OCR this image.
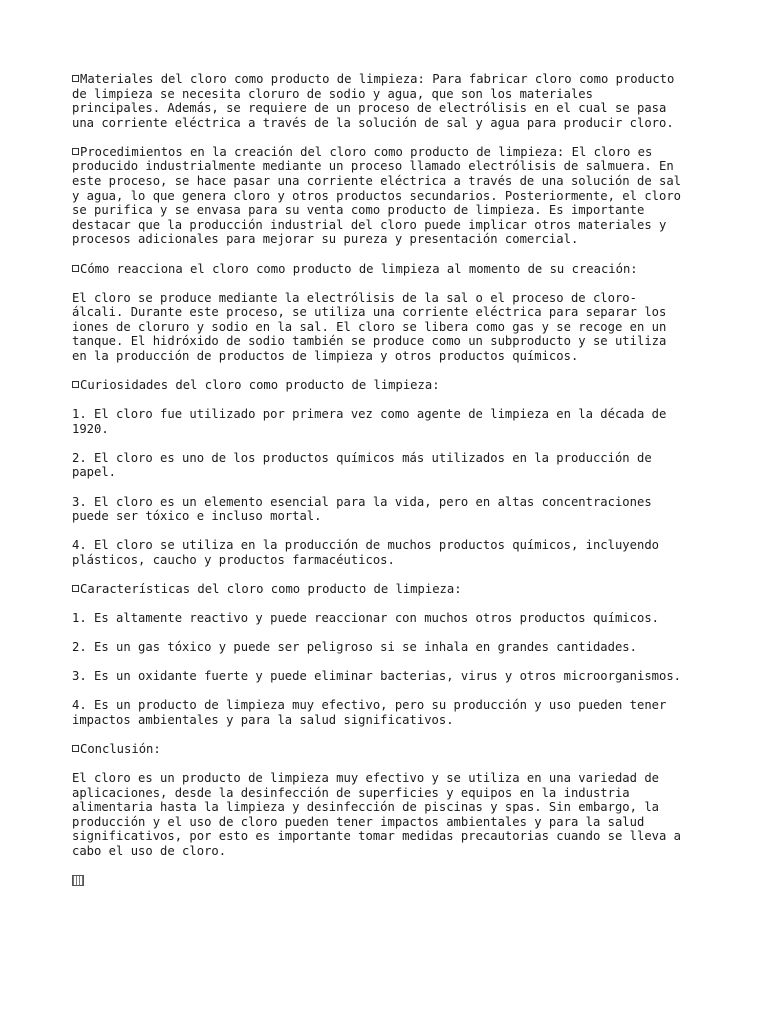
Materiales del cloro como producto de limpieza: Para fabricar cloro como producto
de limpieza se necesita cloruro de sodio y agua, que son los materiales
principales. Además, se requiere de un proceso de electrólisis en el cual se pasa
una corriente eléctrica a través de la solución de sal y agua para producir cloro.

Procedimientos en la creación del cloro como producto de limpieza: El cloro es
producido industrialmente mediante un proceso llamado electrólisis de salmuera. En
este proceso, se hace pasar una corriente eléctrica a través de una solución de sal
y agua, lo que genera cloro y otros productos secundarios. Posteriormente, el cloro
se purifica y se envasa para su venta como producto de limpieza. Es importante
destacar que la producción industrial del cloro puede implicar otros materiales y
procesos adicionales para mejorar su pureza y presentación comercial.

Cómo reacciona el cloro como producto de limpieza al momento de su creación:

El cloro se produce mediante la electrólisis de la sal o el proceso de cloro-
álcali. Durante este proceso, se utiliza una corriente eléctrica para separar los
iones de cloruro y sodio en la sal. El cloro se libera como gas y se recoge en un
tanque. El hidróxido de sodio también se produce como un subproducto y se utiliza
en la producción de productos de limpieza y otros productos químicos.

Curiosidades del cloro como producto de limpieza:

1. El cloro fue utilizado por primera vez como agente de limpieza en la década de
1920.

2. El cloro es uno de los productos químicos más utilizados en la producción de
papel.

3. El cloro es un elemento esencial para la vida, pero en altas concentraciones
puede ser tóxico e incluso mortal.

4. El cloro se utiliza en la producción de muchos productos químicos, incluyendo
plásticos, caucho y productos farmacéuticos.

Características del cloro como producto de limpieza:

1. Es altamente reactivo y puede reaccionar con muchos otros productos químicos.

2. Es un gas tóxico y puede ser peligroso si se inhala en grandes cantidades.

3. Es un oxidante fuerte y puede eliminar bacterias, virus y otros microorganismos.

4. Es un producto de limpieza muy efectivo, pero su producción y uso pueden tener
impactos ambientales y para la salud significativos.

Conclusión:

El cloro es un producto de limpieza muy efectivo y se utiliza en una variedad de
aplicaciones, desde la desinfección de superficies y equipos en la industria
alimentaria hasta la limpieza y desinfección de piscinas y spas. Sin embargo, la
producción y el uso de cloro pueden tener impactos ambientales y para la salud
significativos, por esto es importante tomar medidas precautorias cuando se lleva a
cabo el uso de cloro.
